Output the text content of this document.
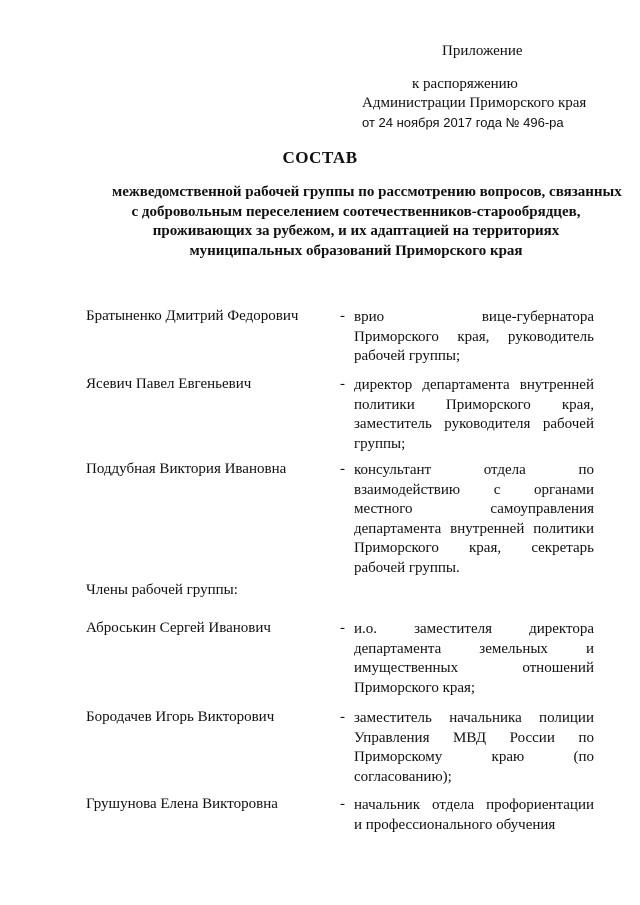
Приложение
к распоряжению
Администрации Приморского края
от 24 ноября 2017 года № 496-ра
СОСТАВ
межведомственной рабочей группы по рассмотрению вопросов, связанных
с добровольным переселением соотечественников-старообрядцев,
проживающих за рубежом, и их адаптацией на территориях
муниципальных образований Приморского края
Братыненко Дмитрий Федорович	- врио	вице-губернатора
Приморского края, руководитель
рабочей группы;
Ясевич Павел Евгеньевич	- директор департамента внутренней
политики Приморского края,
заместитель руководителя рабочей
группы;
Поддубная Виктория Ивановна	- консультант	отдела	по
взаимодействию с органами
местного	самоуправления
департамента внутренней политики
Приморского края, секретарь
рабочей группы.
Члены рабочей группы:
Аброськин Сергей Иванович	- и.о. заместителя директора
департамента	земельных	и
имущественных	отношений
Приморского края;
Бородачев Игорь Викторович	- заместитель начальника полиции
Управления МВД России по
Приморскому	краю	(по
согласованию);
Грушунова Елена Викторовна	- начальник отдела профориентации
и профессионального обучения
